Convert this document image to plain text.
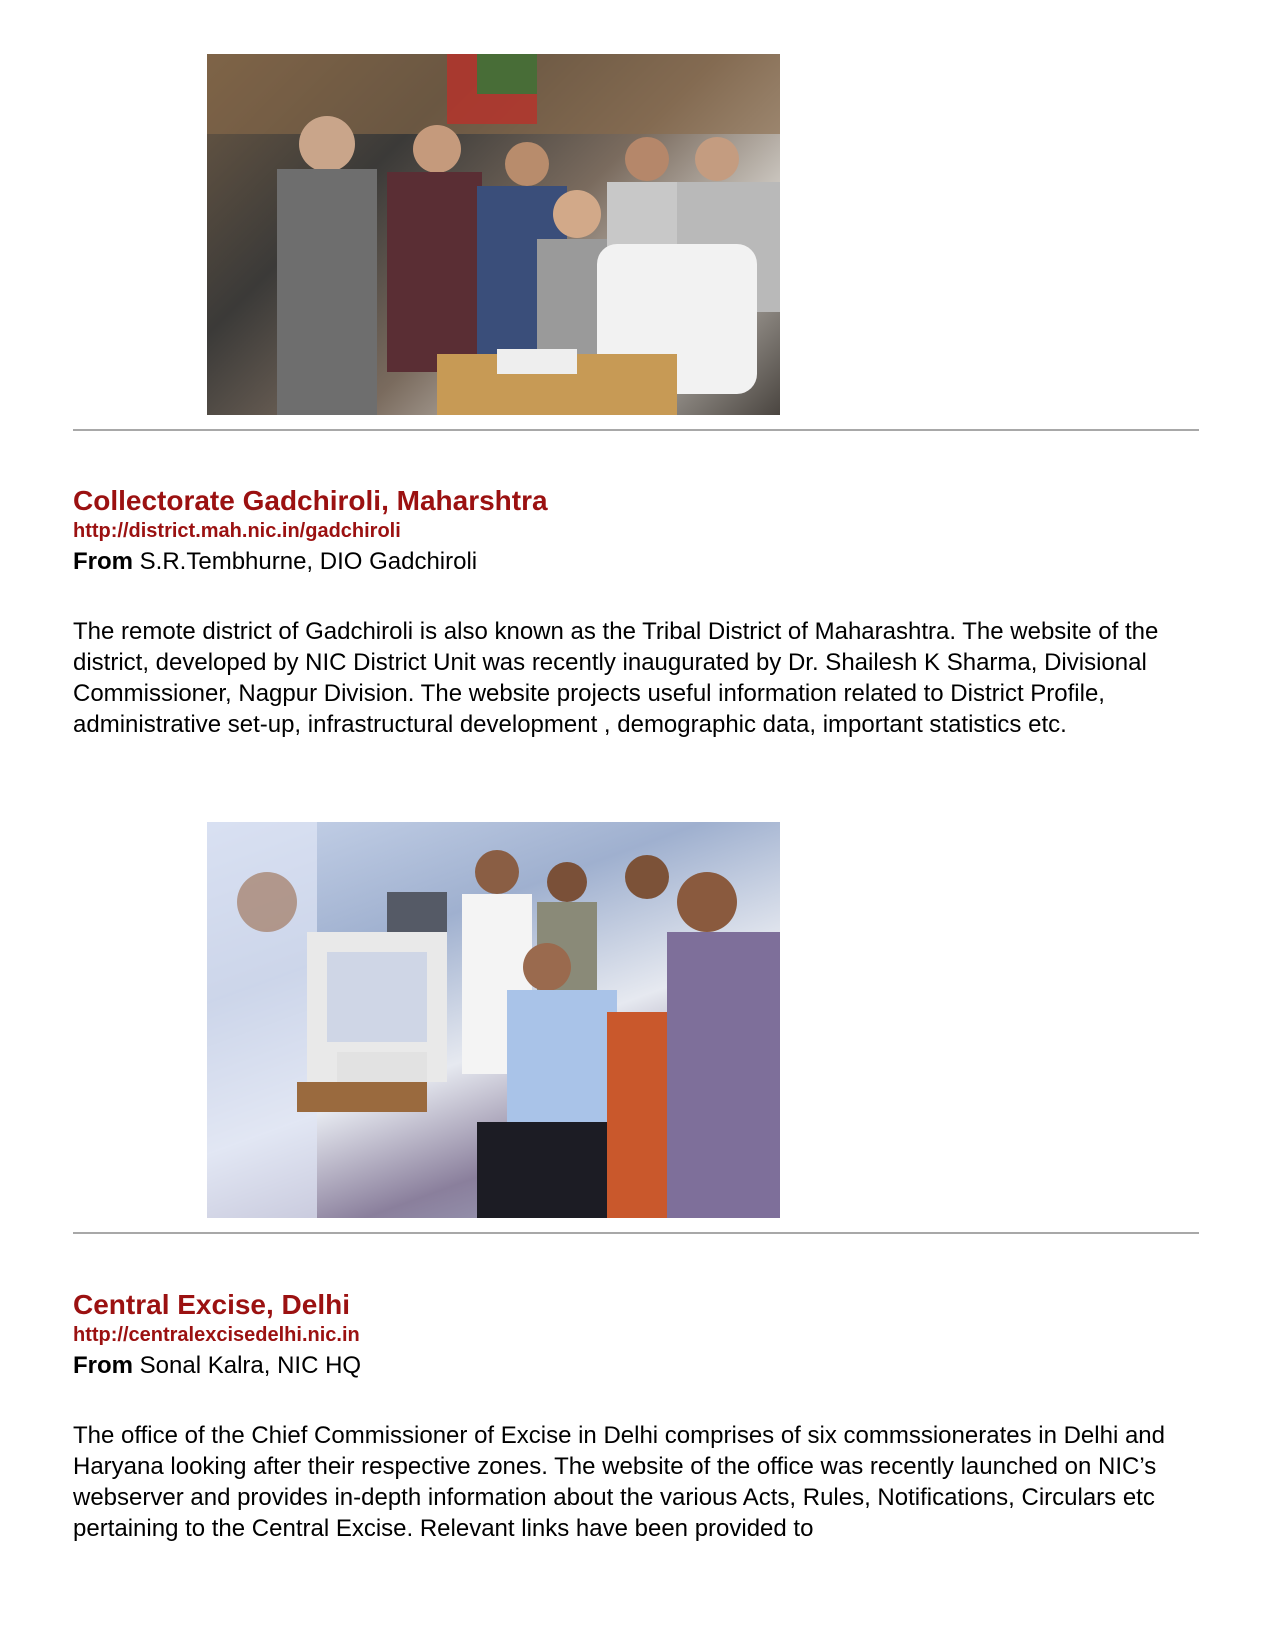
Collectorate Gadchiroli, Maharshtra

http://district.mah.nic.in/gadchiroli

From S.R.Tembhurne, DIO Gadchiroli

The remote district of Gadchiroli is also known as the Tribal District of Maharashtra. The website of the district, developed by NIC District Unit was recently inaugurated by Dr. Shailesh K Sharma, Divisional Commissioner, Nagpur Division. The website projects useful information related to District Profile, administrative set-up, infrastructural development , demographic data, important statistics etc.

Central Excise, Delhi

http://centralexcisedelhi.nic.in

From Sonal Kalra, NIC HQ

The office of the Chief Commissioner of Excise in Delhi comprises of six commssionerates in Delhi and Haryana looking after their respective zones. The website of the office was recently launched on NIC’s webserver and provides in-depth information about the various Acts, Rules, Notifications, Circulars etc pertaining to the Central Excise. Relevant links have been provided to
